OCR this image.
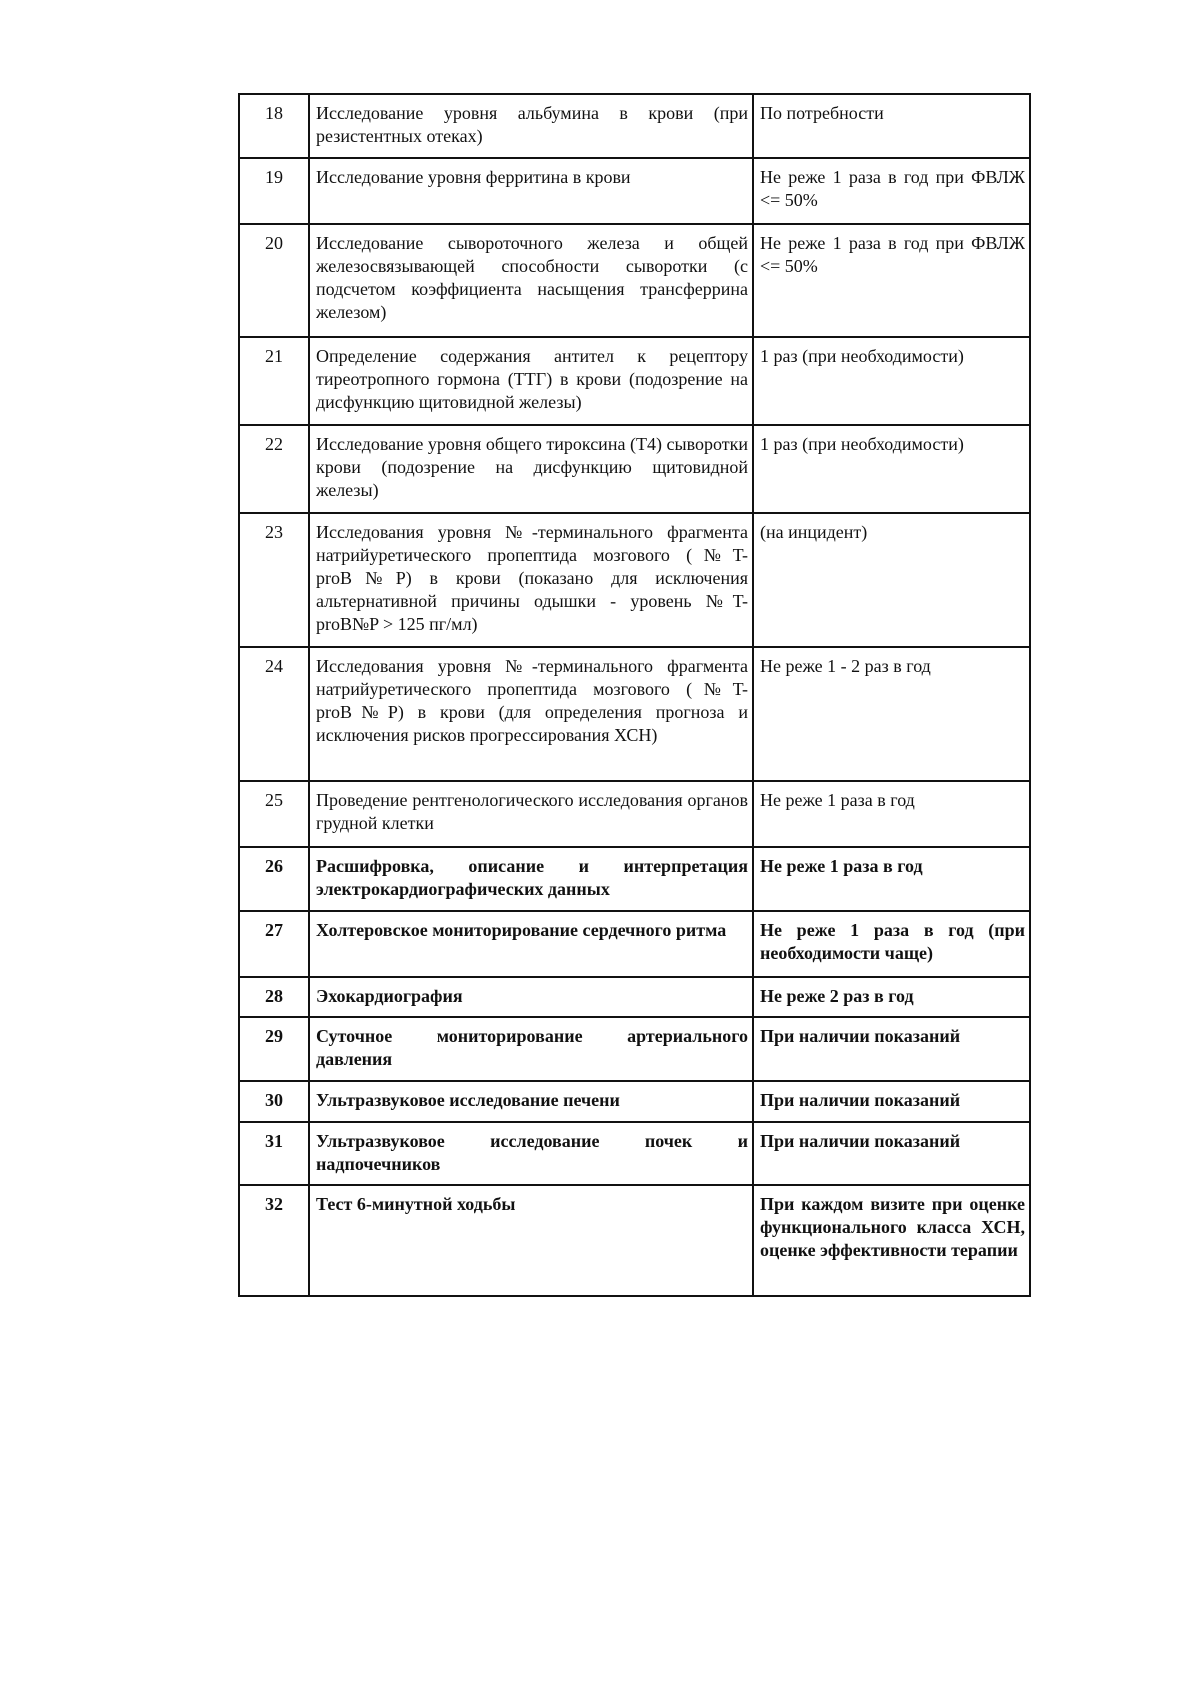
18	Исследование уровня альбумина в крови (при резистентных отеках)	По потребности
19	Исследование уровня ферритина в крови	Не реже 1 раза в год при ФВЛЖ <= 50%
20	Исследование сывороточного железа и общей железосвязывающей способности сыворотки (с подсчетом коэффициента насыщения трансферрина железом)	Не реже 1 раза в год при ФВЛЖ <= 50%
21	Определение содержания антител к рецептору тиреотропного гормона (ТТГ) в крови (подозрение на дисфункцию щитовидной железы)	1 раз (при необходимости)
22	Исследование уровня общего тироксина (Т4) сыворотки крови (подозрение на дисфункцию щитовидной железы)	1 раз (при необходимости)
23	Исследования уровня №-терминального фрагмента натрийуретического пропептида мозгового (№T-proB№P) в крови (показано для исключения альтернативной причины одышки - уровень №T-proB№P > 125 пг/мл)	(на инцидент)
24	Исследования уровня №-терминального фрагмента натрийуретического пропептида мозгового (№T-proB№P) в крови (для определения прогноза и исключения рисков прогрессирования ХСН)	Не реже 1 - 2 раз в год
25	Проведение рентгенологического исследования органов грудной клетки	Не реже 1 раза в год
26	Расшифровка, описание и интерпретация электрокардиографических данных	Не реже 1 раза в год
27	Холтеровское мониторирование сердечного ритма	Не реже 1 раза в год (при необходимости чаще)
28	Эхокардиография	Не реже 2 раз в год
29	Суточное мониторирование артериального давления	При наличии показаний
30	Ультразвуковое исследование печени	При наличии показаний
31	Ультразвуковое исследование почек и надпочечников	При наличии показаний
32	Тест 6-минутной ходьбы	При каждом визите при оценке функционального класса ХСН, оценке эффективности терапии
